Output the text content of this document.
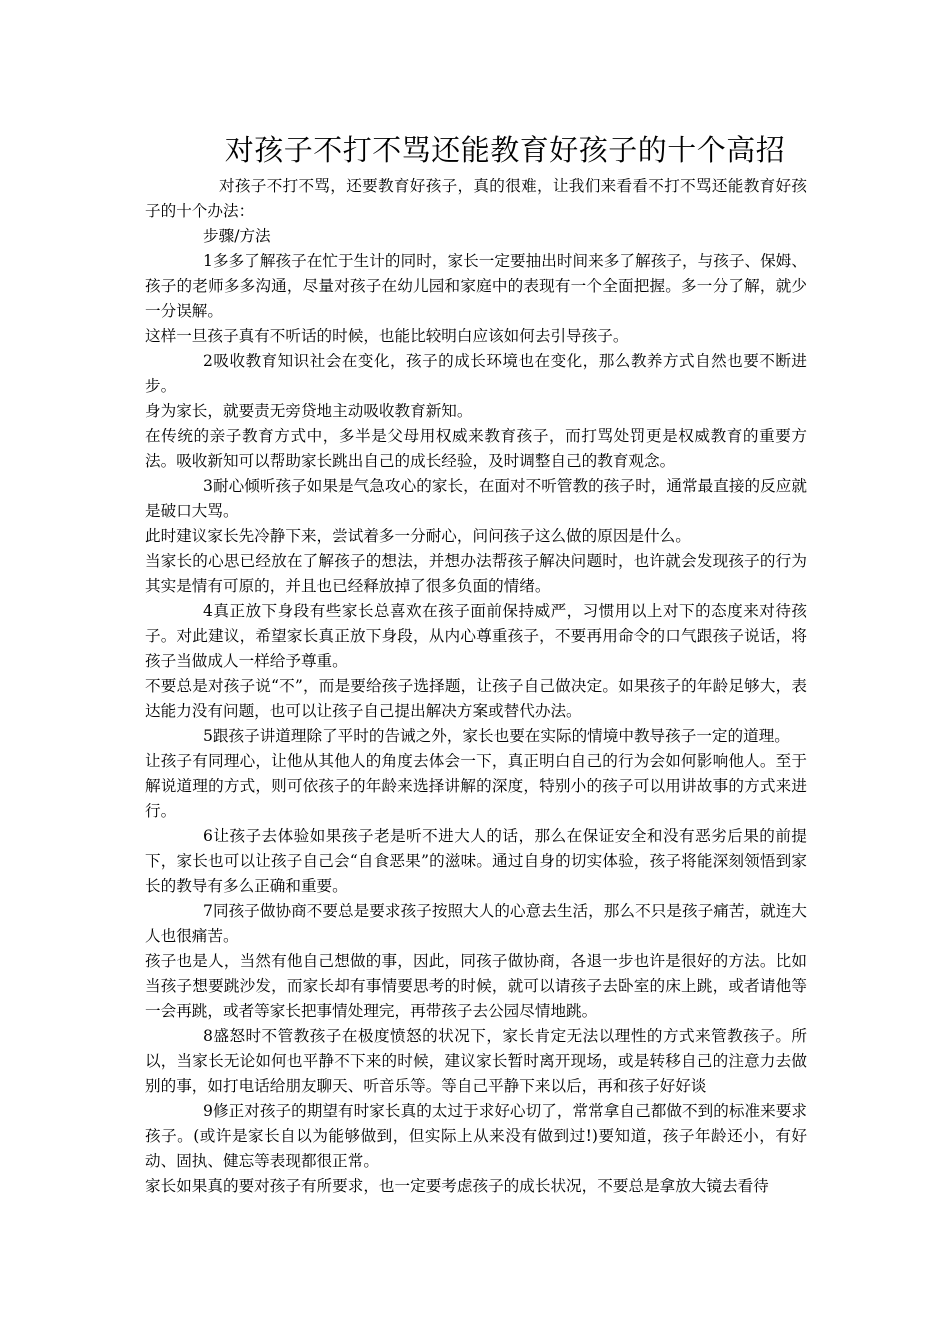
对孩子不打不骂还能教育好孩子的十个高招

对孩子不打不骂，还要教育好孩子，真的很难，让我们来看看不打不骂还能教育好孩子的十个办法：

步骤/方法

1多多了解孩子在忙于生计的同时，家长一定要抽出时间来多了解孩子，与孩子、保姆、孩子的老师多多沟通，尽量对孩子在幼儿园和家庭中的表现有一个全面把握。多一分了解，就少一分误解。

这样一旦孩子真有不听话的时候，也能比较明白应该如何去引导孩子。

2吸收教育知识社会在变化，孩子的成长环境也在变化，那么教养方式自然也要不断进步。

身为家长，就要责无旁贷地主动吸收教育新知。

在传统的亲子教育方式中，多半是父母用权威来教育孩子，而打骂处罚更是权威教育的重要方法。吸收新知可以帮助家长跳出自己的成长经验，及时调整自己的教育观念。

3耐心倾听孩子如果是气急攻心的家长，在面对不听管教的孩子时，通常最直接的反应就是破口大骂。

此时建议家长先冷静下来，尝试着多一分耐心，问问孩子这么做的原因是什么。

当家长的心思已经放在了解孩子的想法，并想办法帮孩子解决问题时，也许就会发现孩子的行为其实是情有可原的，并且也已经释放掉了很多负面的情绪。

4真正放下身段有些家长总喜欢在孩子面前保持威严，习惯用以上对下的态度来对待孩子。对此建议，希望家长真正放下身段，从内心尊重孩子，不要再用命令的口气跟孩子说话，将孩子当做成人一样给予尊重。

不要总是对孩子说“不”，而是要给孩子选择题，让孩子自己做决定。如果孩子的年龄足够大，表达能力没有问题，也可以让孩子自己提出解决方案或替代办法。

5跟孩子讲道理除了平时的告诫之外，家长也要在实际的情境中教导孩子一定的道理。

让孩子有同理心，让他从其他人的角度去体会一下，真正明白自己的行为会如何影响他人。至于解说道理的方式，则可依孩子的年龄来选择讲解的深度，特别小的孩子可以用讲故事的方式来进行。

6让孩子去体验如果孩子老是听不进大人的话，那么在保证安全和没有恶劣后果的前提下，家长也可以让孩子自己会“自食恶果”的滋味。通过自身的切实体验，孩子将能深刻领悟到家长的教导有多么正确和重要。

7同孩子做协商不要总是要求孩子按照大人的心意去生活，那么不只是孩子痛苦，就连大人也很痛苦。

孩子也是人，当然有他自己想做的事，因此，同孩子做协商，各退一步也许是很好的方法。比如当孩子想要跳沙发，而家长却有事情要思考的时候，就可以请孩子去卧室的床上跳，或者请他等一会再跳，或者等家长把事情处理完，再带孩子去公园尽情地跳。

8盛怒时不管教孩子在极度愤怒的状况下，家长肯定无法以理性的方式来管教孩子。所以，当家长无论如何也平静不下来的时候，建议家长暂时离开现场，或是转移自己的注意力去做别的事，如打电话给朋友聊天、听音乐等。等自己平静下来以后，再和孩子好好谈

9修正对孩子的期望有时家长真的太过于求好心切了，常常拿自己都做不到的标准来要求孩子。(或许是家长自以为能够做到，但实际上从来没有做到过!)要知道，孩子年龄还小，有好动、固执、健忘等表现都很正常。

家长如果真的要对孩子有所要求，也一定要考虑孩子的成长状况，不要总是拿放大镜去看待
